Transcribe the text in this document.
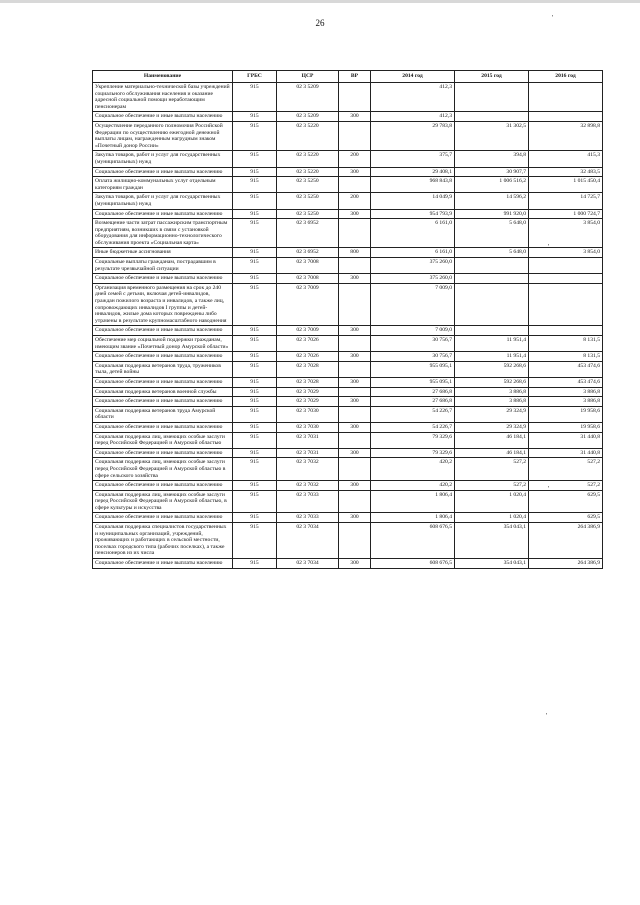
26	'
'
'
'
Наименование	ГРБС	ЦСР	ВР	2014 год	2015 год	2016 год
Укрепление материально-технической базы учреждений социального обслуживания населения и оказание адресной социальной помощи неработающим пенсионерам	915	02 3 5209		412,3		
Социальное обеспечение и иные выплаты населению	915	02 3 5209	300	412,3		
Осуществление переданного полномочия Российской Федерации по осуществлению ежегодной денежной выплаты лицам, награжденным нагрудным знаком «Почетный донор России»	915	02 3 5220		29 783,8	31 302,5	32 898,8
Закупка товаров, работ и услуг для государственных (муниципальных) нужд	915	02 3 5220	200	375,7	394,8	415,3
Социальное обеспечение и иные выплаты населению	915	02 3 5220	300	29 408,1	30 907,7	32 483,5
Оплата жилищно-коммунальных услуг отдельным категориям граждан	915	02 3 5250		968 843,8	1 006 516,2	1 015 450,4
Закупка товаров, работ и услуг для государственных (муниципальных) нужд	915	02 3 5250	200	14 049,9	14 596,2	14 725,7
Социальное обеспечение и иные выплаты населению	915	02 3 5250	300	954 793,9	991 920,0	1 000 724,7
Возмещение части затрат пассажирским транспортным предприятиям, возникших в связи с установкой оборудования для информационно-технологического обслуживания проекта «Социальная карта»	915	02 3 6952		6 161,0	5 648,0	3 854,0
Иные бюджетные ассигнования	915	02 3 6952	800	6 161,0	5 648,0	3 854,0
Социальные выплаты гражданам, пострадавшим в результате чрезвычайной ситуации	915	02 3 7008		375 260,0		
Социальное обеспечение и иные выплаты населению	915	02 3 7008	300	375 260,0		
Организация временного размещения на срок до 240 дней семей с детьми, включая детей-инвалидов, граждан пожилого возраста и инвалидов, а также лиц, сопровождающих инвалидов I группы и детей-инвалидов, жилые дома которых повреждены либо утрачены в результате крупномасштабного наводнения	915	02 3 7009		7 009,0		
Социальное обеспечение и иные выплаты населению	915	02 3 7009	300	7 009,0		
Обеспечение мер социальной поддержки гражданам, имеющим звание «Почетный донор Амурской области»	915	02 3 7026		30 756,7	11 951,4	8 131,5
Социальное обеспечение и иные выплаты населению	915	02 3 7026	300	30 756,7	11 951,4	8 131,5
Социальная поддержка ветеранов труда, тружеников тыла, детей войны	915	02 3 7028		955 095,1	592 268,6	453 474,6
Социальное обеспечение и иные выплаты населению	915	02 3 7028	300	955 095,1	592 268,6	453 474,6
Социальная поддержка ветеранов военной службы	915	02 3 7029		27 686,8	3 886,8	3 886,8
Социальное обеспечение и иные выплаты населению	915	02 3 7029	300	27 686,8	3 886,8	3 886,8
Социальная поддержка ветеранов труда Амурской области	915	02 3 7030		54 226,7	29 324,9	19 958,6
Социальное обеспечение и иные выплаты населению	915	02 3 7030	300	54 226,7	29 324,9	19 958,6
Социальная поддержка лиц, имеющих особые заслуги перед Российской Федерацией и Амурской областью	915	02 3 7031		79 329,6	46 184,1	31 440,8
Социальное обеспечение и иные выплаты населению	915	02 3 7031	300	79 329,6	46 184,1	31 440,8
Социальная поддержка лиц, имеющих особые заслуги перед Российской Федерацией и Амурской областью в сфере сельского хозяйства	915	02 3 7032		420,2	527,2	527,2
Социальное обеспечение и иные выплаты населению	915	02 3 7032	300	420,2	527,2	527,2
Социальная поддержка лиц, имеющих особые заслуги перед Российской Федерацией и Амурской областью, в сфере культуры и искусства	915	02 3 7033		1 806,4	1 020,4	629,5
Социальное обеспечение и иные выплаты населению	915	02 3 7033	300	1 806,4	1 020,4	629,5
Социальная поддержка специалистов государственных и муниципальных организаций, учреждений, проживающих и работающих в сельской местности, поселках городского типа (рабочих поселках), а также пенсионеров из их числа	915	02 3 7034		608 676,5	354 043,1	264 386,9
Социальное обеспечение и иные выплаты населению	915	02 3 7034	300	608 676,5	354 043,1	264 386,9
